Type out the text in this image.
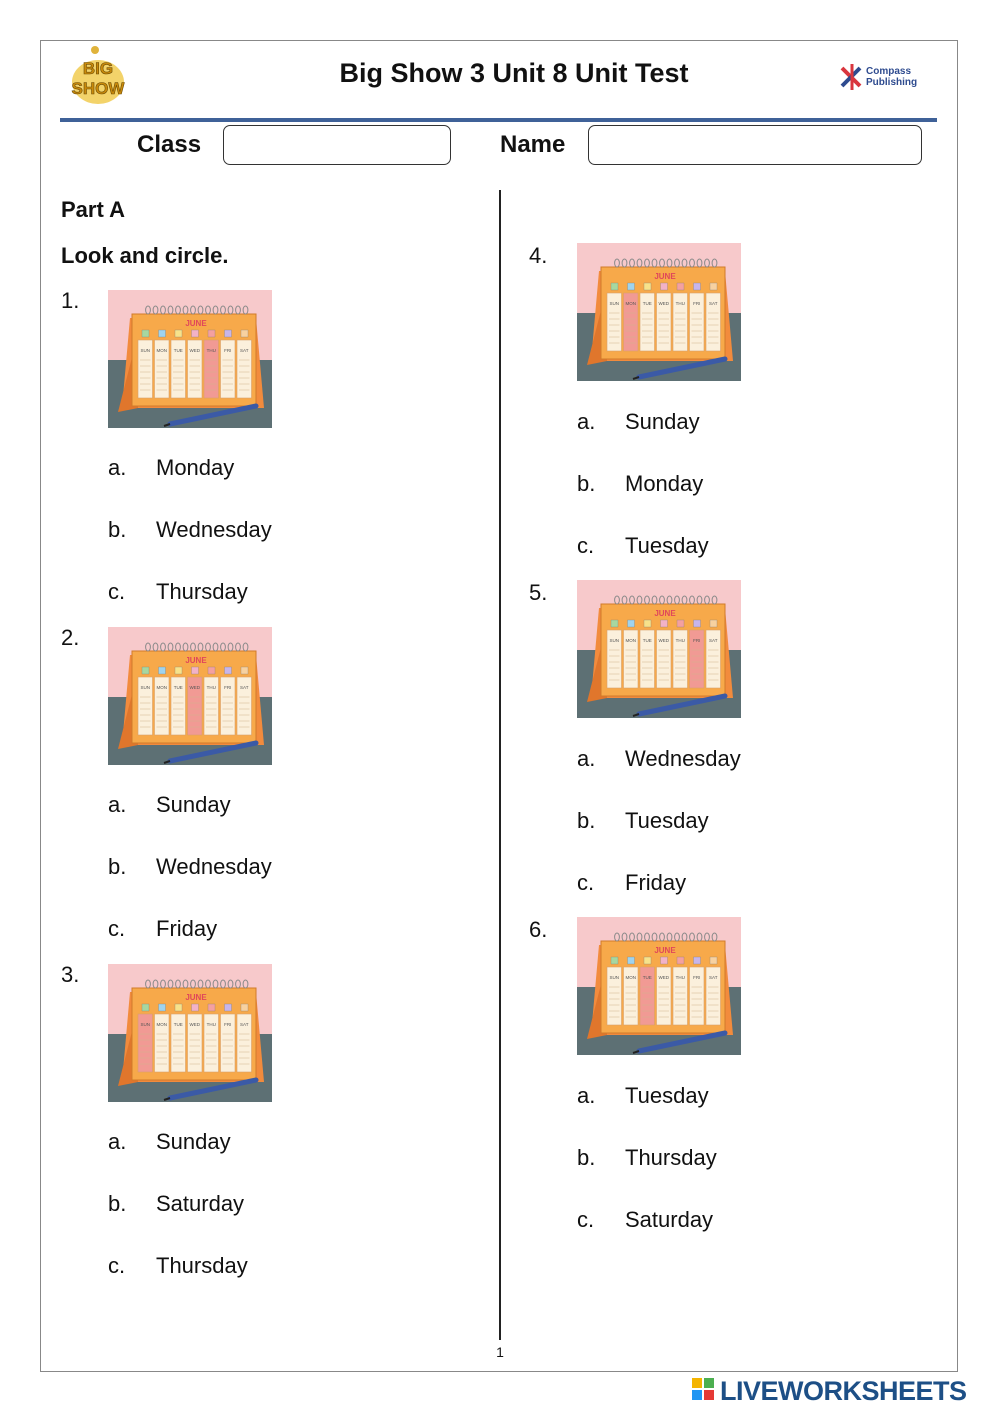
BIG
SHOW
Big Show 3 Unit 8 Unit Test	Compass
Publishing
Class	Name
Part A
Look and circle.
1.
JUNE
SUN MON TUE WED THU FRI SAT
a. Monday
b. Wednesday
c. Thursday
2.
JUNE
SUN MON TUE WED THU FRI SAT
a. Sunday
b. Wednesday
c. Friday
3.
JUNE
SUN MON TUE WED THU FRI SAT
a. Sunday
b. Saturday
c. Thursday
4.
JUNE
SUN MON TUE WED THU FRI SAT
a. Sunday
b. Monday
c. Tuesday
5.
JUNE
SUN MON TUE WED THU FRI SAT
a. Wednesday
b. Tuesday
c. Friday
6.
JUNE
SUN MON TUE WED THU FRI SAT
a. Tuesday
b. Thursday
c. Saturday
1
LIVEWORKSHEETS
